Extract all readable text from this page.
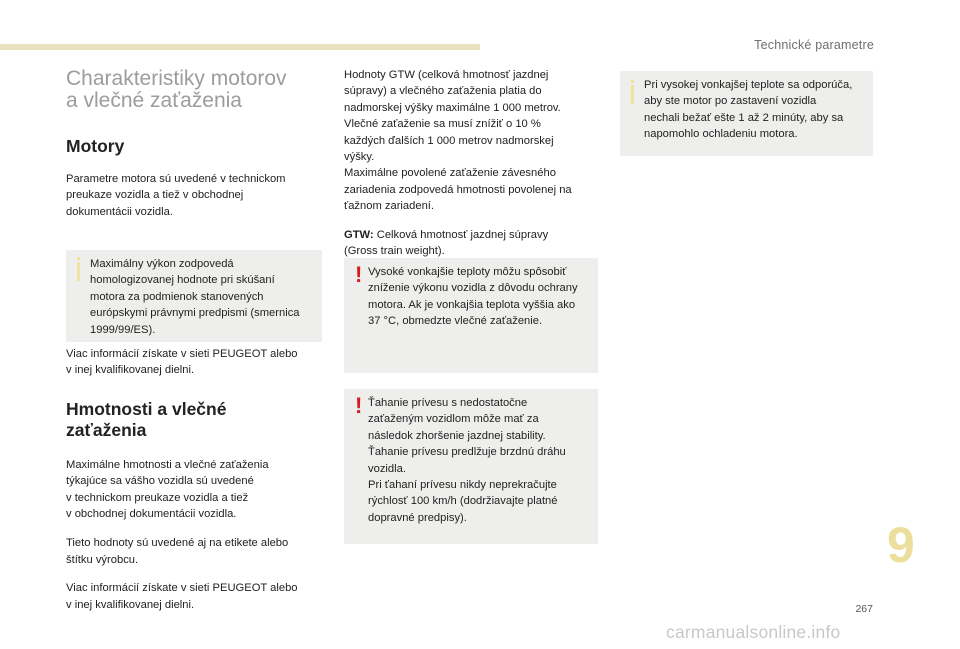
Technické parametre
Charakteristiky motorov
a vlečné zaťaženia
Motory

Parametre motora sú uvedené v technickom
preukaze vozidla a tiež v obchodnej
dokumentácii vozidla.

Maximálny výkon zodpovedá
homologizovanej hodnote pri skúšaní
motora za podmienok stanovených
európskymi právnymi predpismi (smernica
1999/99/ES).

Viac informácií získate v sieti PEUGEOT alebo
v inej kvalifikovanej dielni.

Hmotnosti a vlečné
zaťaženia

Maximálne hmotnosti a vlečné zaťaženia
týkajúce sa vášho vozidla sú uvedené
v technickom preukaze vozidla a tiež
v obchodnej dokumentácii vozidla.

Tieto hodnoty sú uvedené aj na etikete alebo
štítku výrobcu.

Viac informácií získate v sieti PEUGEOT alebo
v inej kvalifikovanej dielni.

Hodnoty GTW (celková hmotnosť jazdnej
súpravy) a vlečného zaťaženia platia do
nadmorskej výšky maximálne 1 000 metrov.
Vlečné zaťaženie sa musí znížiť o 10 %
každých ďalších 1 000 metrov nadmorskej
výšky.
Maximálne povolené zaťaženie závesného
zariadenia zodpovedá hmotnosti povolenej na
ťažnom zariadení.

GTW: Celková hmotnosť jazdnej súpravy
(Gross train weight).

! Vysoké vonkajšie teploty môžu spôsobiť
zníženie výkonu vozidla z dôvodu ochrany
motora. Ak je vonkajšia teplota vyššia ako
37 °C, obmedzte vlečné zaťaženie.

! Ťahanie prívesu s nedostatočne
zaťaženým vozidlom môže mať za
následok zhoršenie jazdnej stability.
Ťahanie prívesu predlžuje brzdnú dráhu
vozidla.
Pri ťahaní prívesu nikdy neprekračujte
rýchlosť 100 km/h (dodržiavajte platné
dopravné predpisy).

Pri vysokej vonkajšej teplote sa odporúča,
aby ste motor po zastavení vozidla
nechali bežať ešte 1 až 2 minúty, aby sa
napomohlo ochladeniu motora.

9
267
carmanualsonline.info
